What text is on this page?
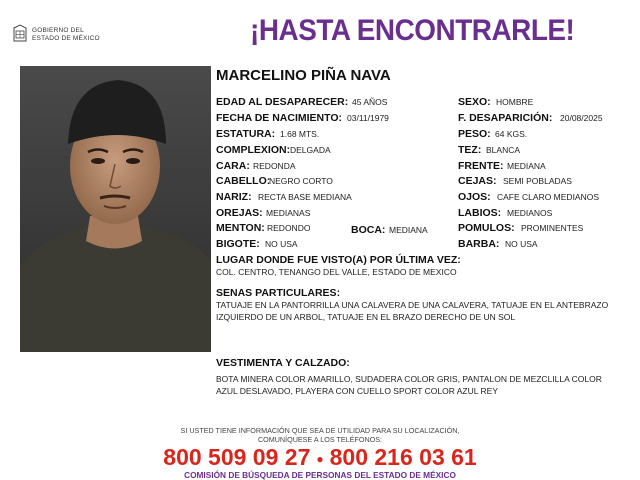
GOBIERNO DEL
ESTADO DE MÉXICO	¡HASTA ENCONTRARLE!
MARCELINO PIÑA NAVA
EDAD AL DESAPARECER: 45 AÑOS
FECHA DE NACIMIENTO: 03/11/1979
ESTATURA: 1.68 MTS.
COMPLEXION: DELGADA
CARA: REDONDA
CABELLO:
NEGRO CORTO
NARIZ: RECTA BASE MEDIANA
OREJAS: MEDIANAS
MENTON: REDONDO	BOCA: MEDIANA
BIGOTE: NO USA
SEXO: HOMBRE
F. DESAPARICIÓN: 20/08/2025
PESO: 64 KGS.
TEZ: BLANCA
FRENTE: MEDIANA
CEJAS: SEMI POBLADAS
OJOS: CAFE CLARO MEDIANOS
LABIOS: MEDIANOS
POMULOS: PROMINENTES
BARBA: NO USA
LUGAR DONDE FUE VISTO(A) POR ÚLTIMA VEZ:
COL. CENTRO, TENANGO DEL VALLE, ESTADO DE MEXICO
SENAS PARTICULARES:
TATUAJE EN LA PANTORRILLA UNA CALAVERA DE UNA CALAVERA, TATUAJE EN EL ANTEBRAZO IZQUIERDO DE UN ARBOL, TATUAJE EN EL BRAZO DERECHO DE UN SOL
VESTIMENTA Y CALZADO:
BOTA MINERA COLOR AMARILLO, SUDADERA COLOR GRIS, PANTALON DE MEZCLILLA COLOR AZUL DESLAVADO, PLAYERA CON CUELLO SPORT COLOR AZUL REY
SI USTED TIENE INFORMACIÓN QUE SEA DE UTILIDAD PARA SU LOCALIZACIÓN,
COMUNÍQUESE A LOS TELÉFONOS:
800 509 09 27 ● 800 216 03 61
COMISIÓN DE BÚSQUEDA DE PERSONAS DEL ESTADO DE MÉXICO
